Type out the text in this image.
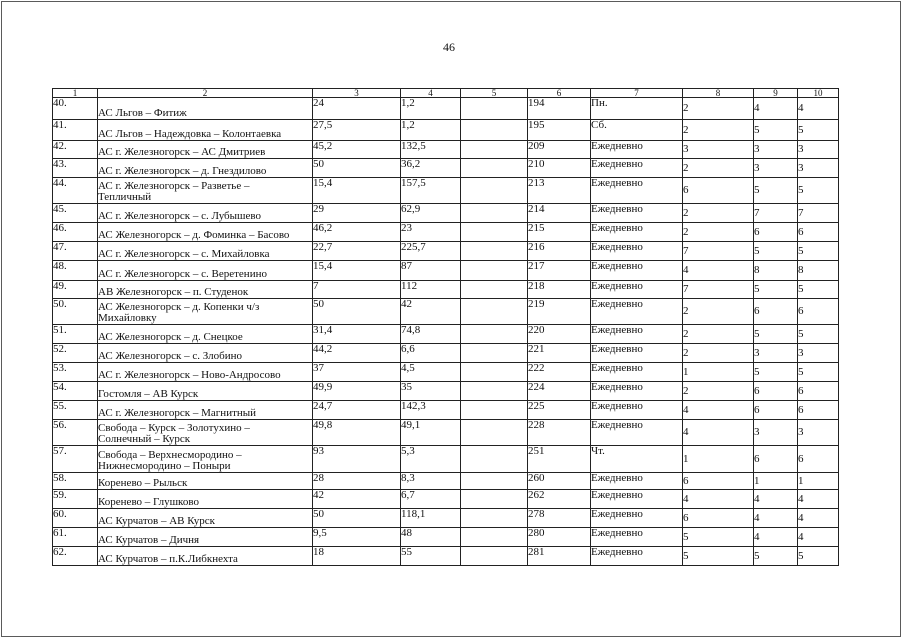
46
1	2	3	4	5	6	7	8	9	10
40.	АС Льгов – Фитиж	24	1,2		194	Пн.	2	4	4
41.	АС Льгов – Надеждовка – Колонтаевка	27,5	1,2		195	Сб.	2	5	5
42.	АС г. Железногорск – АС Дмитриев	45,2	132,5		209	Ежедневно	3	3	3
43.	АС г. Железногорск – д. Гнездилово	50	36,2		210	Ежедневно	2	3	3
44.	АС г. Железногорск – Разветье –
Тепличный	15,4	157,5		213	Ежедневно	6	5	5
45.	АС г. Железногорск – с. Лубышево	29	62,9		214	Ежедневно	2	7	7
46.	АС Железногорск – д. Фоминка – Басово	46,2	23		215	Ежедневно	2	6	6
47.	АС г. Железногорск – с. Михайловка	22,7	225,7		216	Ежедневно	7	5	5
48.	АС г. Железногорск – с. Веретенино	15,4	87		217	Ежедневно	4	8	8
49.	АВ Железногорск – п. Студенок	7	112		218	Ежедневно	7	5	5
50.	АС Железногорск – д. Копенки ч/з
Михайловку	50	42		219	Ежедневно	2	6	6
51.	АС Железногорск – д. Снецкое	31,4	74,8		220	Ежедневно	2	5	5
52.	АС Железногорск – с. Злобино	44,2	6,6		221	Ежедневно	2	3	3
53.	АС г. Железногорск – Ново-Андросово	37	4,5		222	Ежедневно	1	5	5
54.	Гостомля – АВ Курск	49,9	35		224	Ежедневно	2	6	6
55.	АС г. Железногорск – Магнитный	24,7	142,3		225	Ежедневно	4	6	6
56.	Свобода – Курск – Золотухино –
Солнечный – Курск	49,8	49,1		228	Ежедневно	4	3	3
57.	Свобода – Верхнесмородино –
Нижнесмородино – Поныри	93	5,3		251	Чт.	1	6	6
58.	Коренево – Рыльск	28	8,3		260	Ежедневно	6	1	1
59.	Коренево – Глушково	42	6,7		262	Ежедневно	4	4	4
60.	АС Курчатов – АВ Курск	50	118,1		278	Ежедневно	6	4	4
61.	АС Курчатов – Дичня	9,5	48		280	Ежедневно	5	4	4
62.	АС Курчатов – п.К.Либкнехта	18	55		281	Ежедневно	5	5	5
